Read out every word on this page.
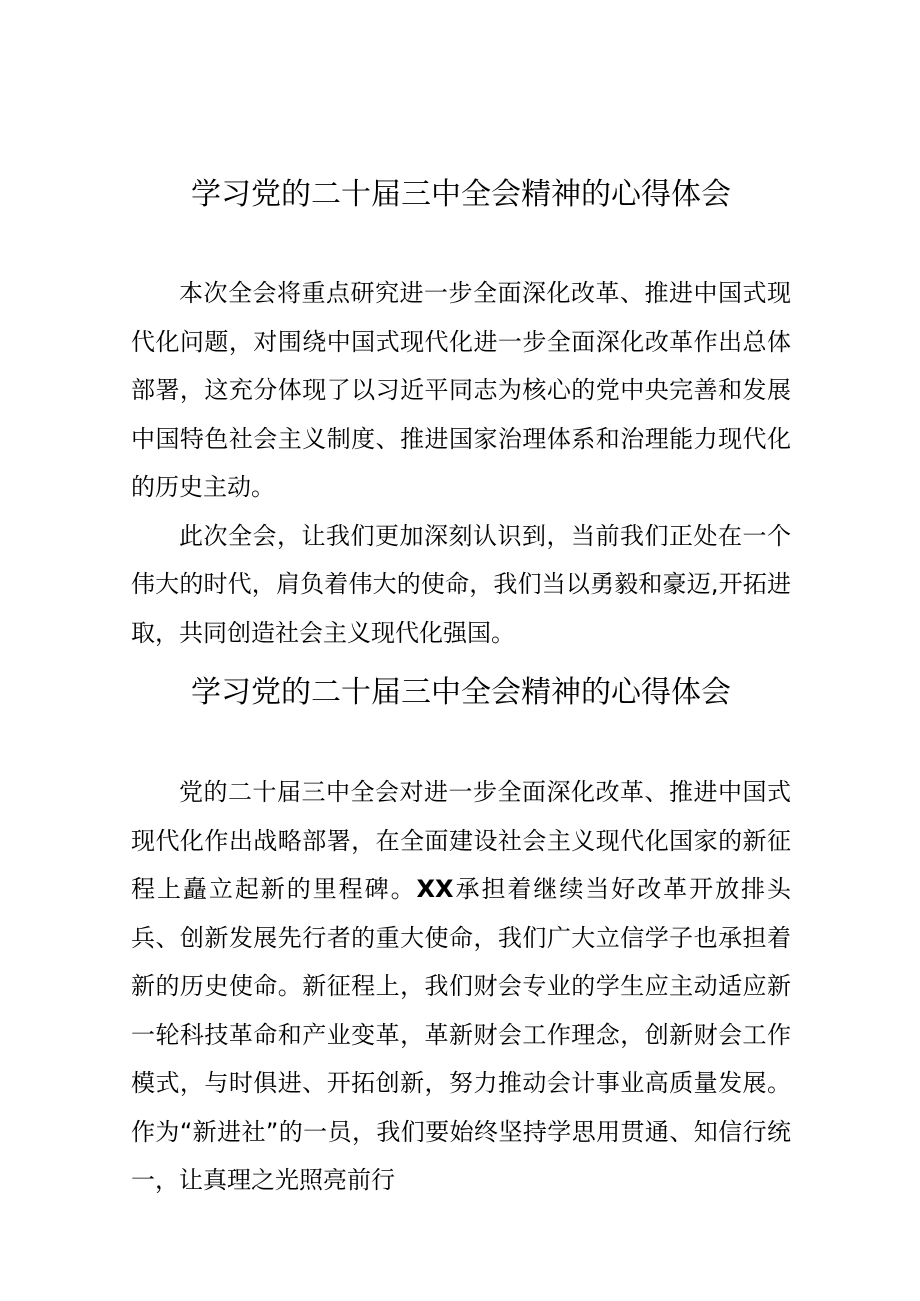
学习党的二十届三中全会精神的心得体会

本次全会将重点研究进一步全面深化改革、推进中国式现代化问题，对围绕中国式现代化进一步全面深化改革作出总体部署，这充分体现了以习近平同志为核心的党中央完善和发展中国特色社会主义制度、推进国家治理体系和治理能力现代化的历史主动。

此次全会，让我们更加深刻认识到，当前我们正处在一个伟大的时代，肩负着伟大的使命，我们当以勇毅和豪迈,开拓进取，共同创造社会主义现代化强国。

学习党的二十届三中全会精神的心得体会

党的二十届三中全会对进一步全面深化改革、推进中国式现代化作出战略部署，在全面建设社会主义现代化国家的新征程上矗立起新的里程碑。XX承担着继续当好改革开放排头兵、创新发展先行者的重大使命，我们广大立信学子也承担着新的历史使命。新征程上，我们财会专业的学生应主动适应新一轮科技革命和产业变革，革新财会工作理念，创新财会工作模式，与时俱进、开拓创新，努力推动会计事业高质量发展。作为“新进社”的一员，我们要始终坚持学思用贯通、知信行统一，让真理之光照亮前行
